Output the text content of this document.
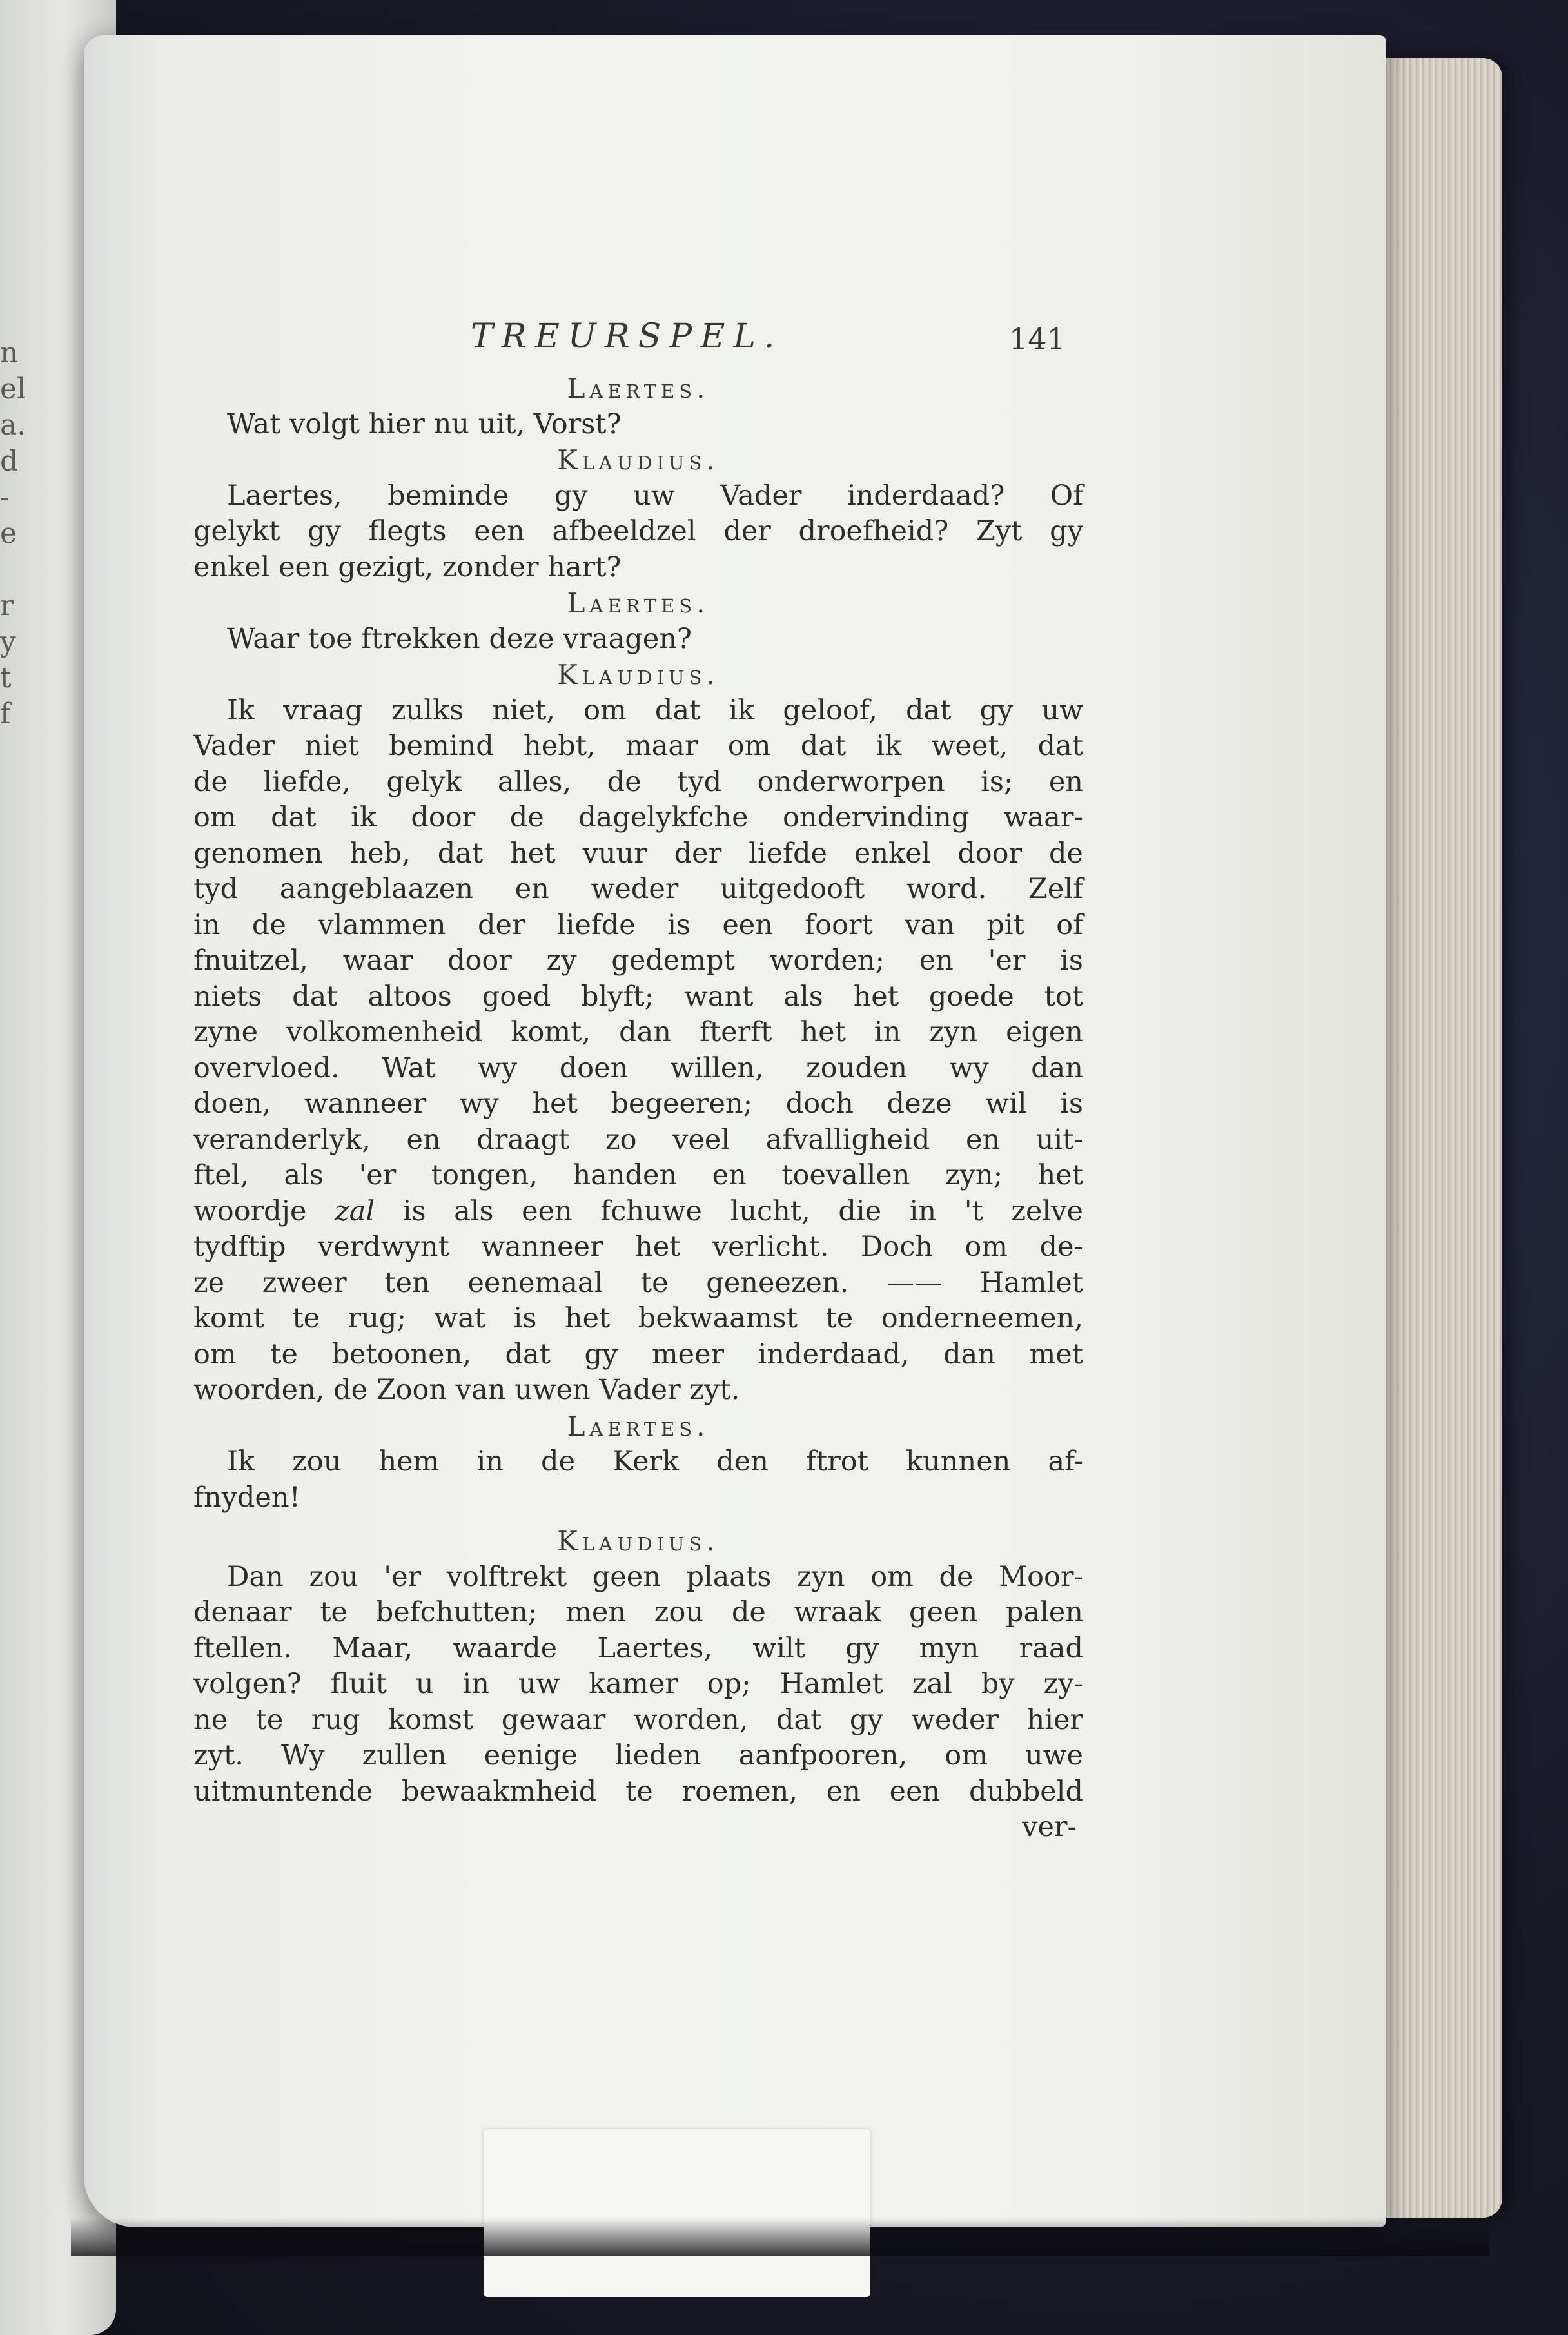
n
el
a.
d
-
e

r
y
t
f
TREURSPEL.	141
Laertes.
Wat volgt hier nu uit, Vorst?
Klaudius.
Laertes, beminde gy uw Vader inderdaad? Of
gelykt gy flegts een afbeeldzel der droefheid? Zyt gy
enkel een gezigt, zonder hart?
Laertes.
Waar toe ftrekken deze vraagen?
Klaudius.
Ik vraag zulks niet, om dat ik geloof, dat gy uw
Vader niet bemind hebt, maar om dat ik weet, dat
de liefde, gelyk alles, de tyd onderworpen is; en
om dat ik door de dagelykfche ondervinding waar-
genomen heb, dat het vuur der liefde enkel door de
tyd aangeblaazen en weder uitgedooft word. Zelf
in de vlammen der liefde is een foort van pit of
fnuitzel, waar door zy gedempt worden; en 'er is
niets dat altoos goed blyft; want als het goede tot
zyne volkomenheid komt, dan fterft het in zyn eigen
overvloed. Wat wy doen willen, zouden wy dan
doen, wanneer wy het begeeren; doch deze wil is
veranderlyk, en draagt zo veel afvalligheid en uit-
ftel, als 'er tongen, handen en toevallen zyn; het
woordje zal is als een fchuwe lucht, die in 't zelve
tydftip verdwynt wanneer het verlicht. Doch om de-
ze zweer ten eenemaal te geneezen. —— Hamlet
komt te rug; wat is het bekwaamst te onderneemen,
om te betoonen, dat gy meer inderdaad, dan met
woorden, de Zoon van uwen Vader zyt.
Laertes.
Ik zou hem in de Kerk den ftrot kunnen af-
fnyden!
Klaudius.
Dan zou 'er volftrekt geen plaats zyn om de Moor-
denaar te befchutten; men zou de wraak geen palen
ftellen. Maar, waarde Laertes, wilt gy myn raad
volgen? fluit u in uw kamer op; Hamlet zal by zy-
ne te rug komst gewaar worden, dat gy weder hier
zyt. Wy zullen eenige lieden aanfpooren, om uwe
uitmuntende bewaakmheid te roemen, en een dubbeld
ver-
